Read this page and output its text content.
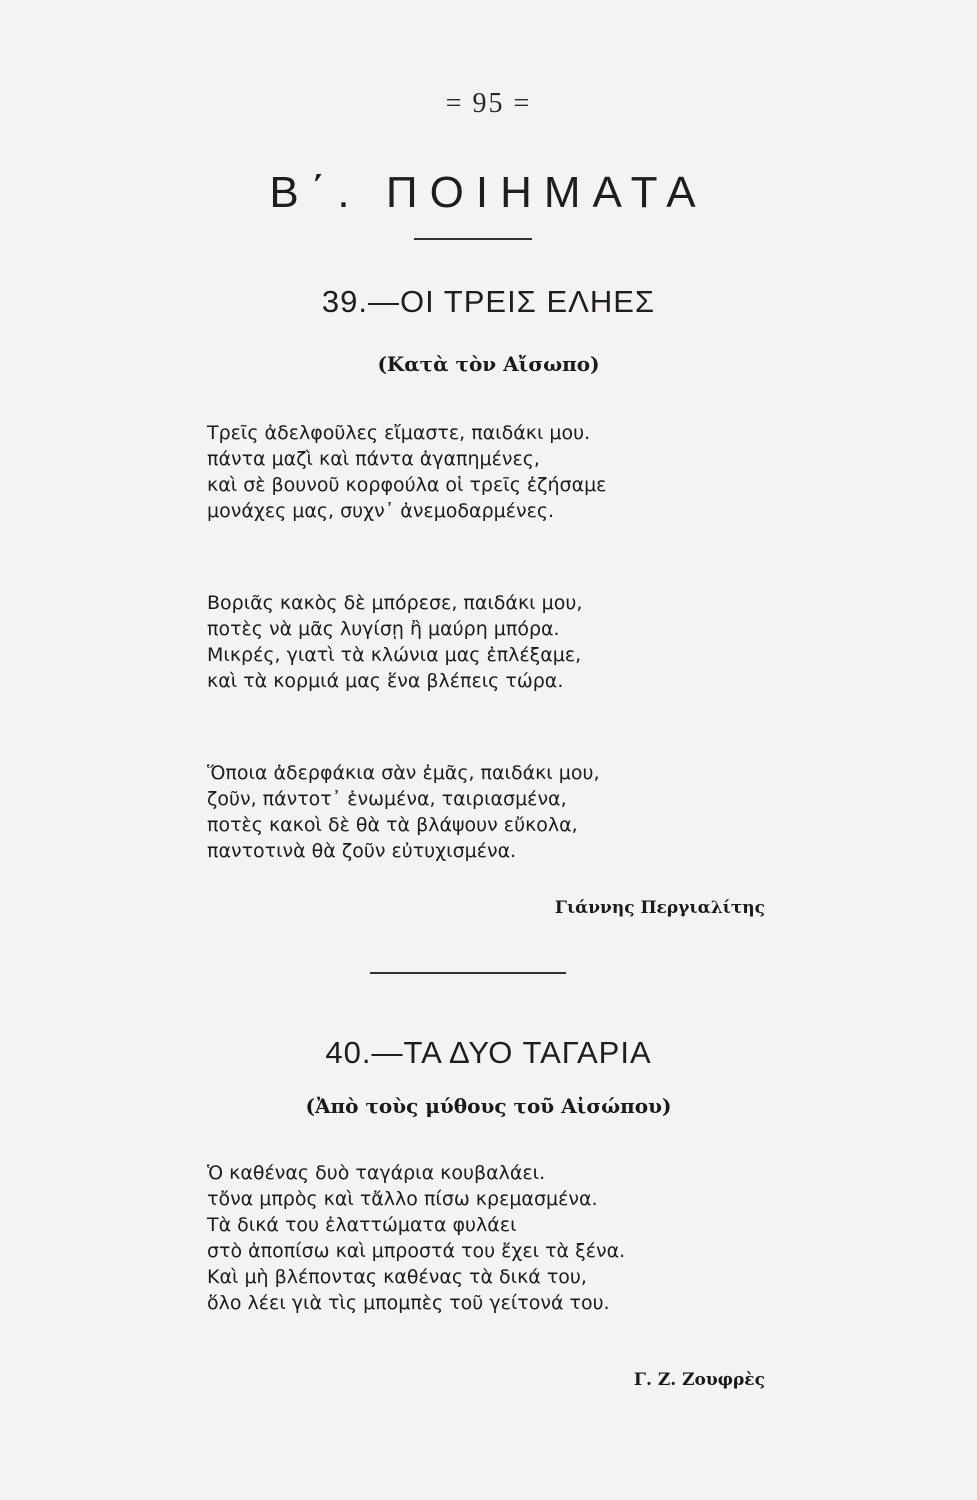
= 95 =
Β΄. ΠΟΙΗΜΑΤΑ
39.—ΟΙ ΤΡΕΙΣ ΕΛΗΕΣ
(Κατὰ τὸν Αἴσωπο)
Τρεῖς ἀδελφοῦλες εἴμαστε, παιδάκι μου.
πάντα μαζὶ καὶ πάντα ἀγαπημένες,
καὶ σὲ βουνοῦ κορφούλα οἱ τρεῖς ἐζήσαμε
μονάχες μας, συχν᾿ ἀνεμοδαρμένες.
Βοριᾶς κακὸς δὲ μπόρεσε, παιδάκι μου,
ποτὲς νὰ μᾶς λυγίσῃ ἢ μαύρη μπόρα.
Μικρές, γιατὶ τὰ κλώνια μας ἐπλέξαμε,
καὶ τὰ κορμιά μας ἕνα βλέπεις τώρα.
Ὅποια ἀδερφάκια σὰν ἐμᾶς, παιδάκι μου,
ζοῦν, πάντοτ᾿ ἑνωμένα, ταιριασμένα,
ποτὲς κακοὶ δὲ θὰ τὰ βλάψουν εὔκολα,
παντοτινὰ θὰ ζοῦν εὐτυχισμένα.
Γιάννης Περγιαλίτης
40.—ΤΑ ΔΥΟ ΤΑΓΑΡΙΑ
(Ἀπὸ τοὺς μύθους τοῦ Αἰσώπου)
Ὁ καθένας δυὸ ταγάρια κουβαλάει.
τὄνα μπρὸς καὶ τἄλλο πίσω κρεμασμένα.
Τὰ δικά του ἐλαττώματα φυλάει
στὸ ἀποπίσω καὶ μπροστά του ἔχει τὰ ξένα.
Καὶ μὴ βλέποντας καθένας τὰ δικά του,
ὅλο λέει γιὰ τὶς μπομπὲς τοῦ γείτονά του.
Γ. Ζ. Ζουφρὲς
